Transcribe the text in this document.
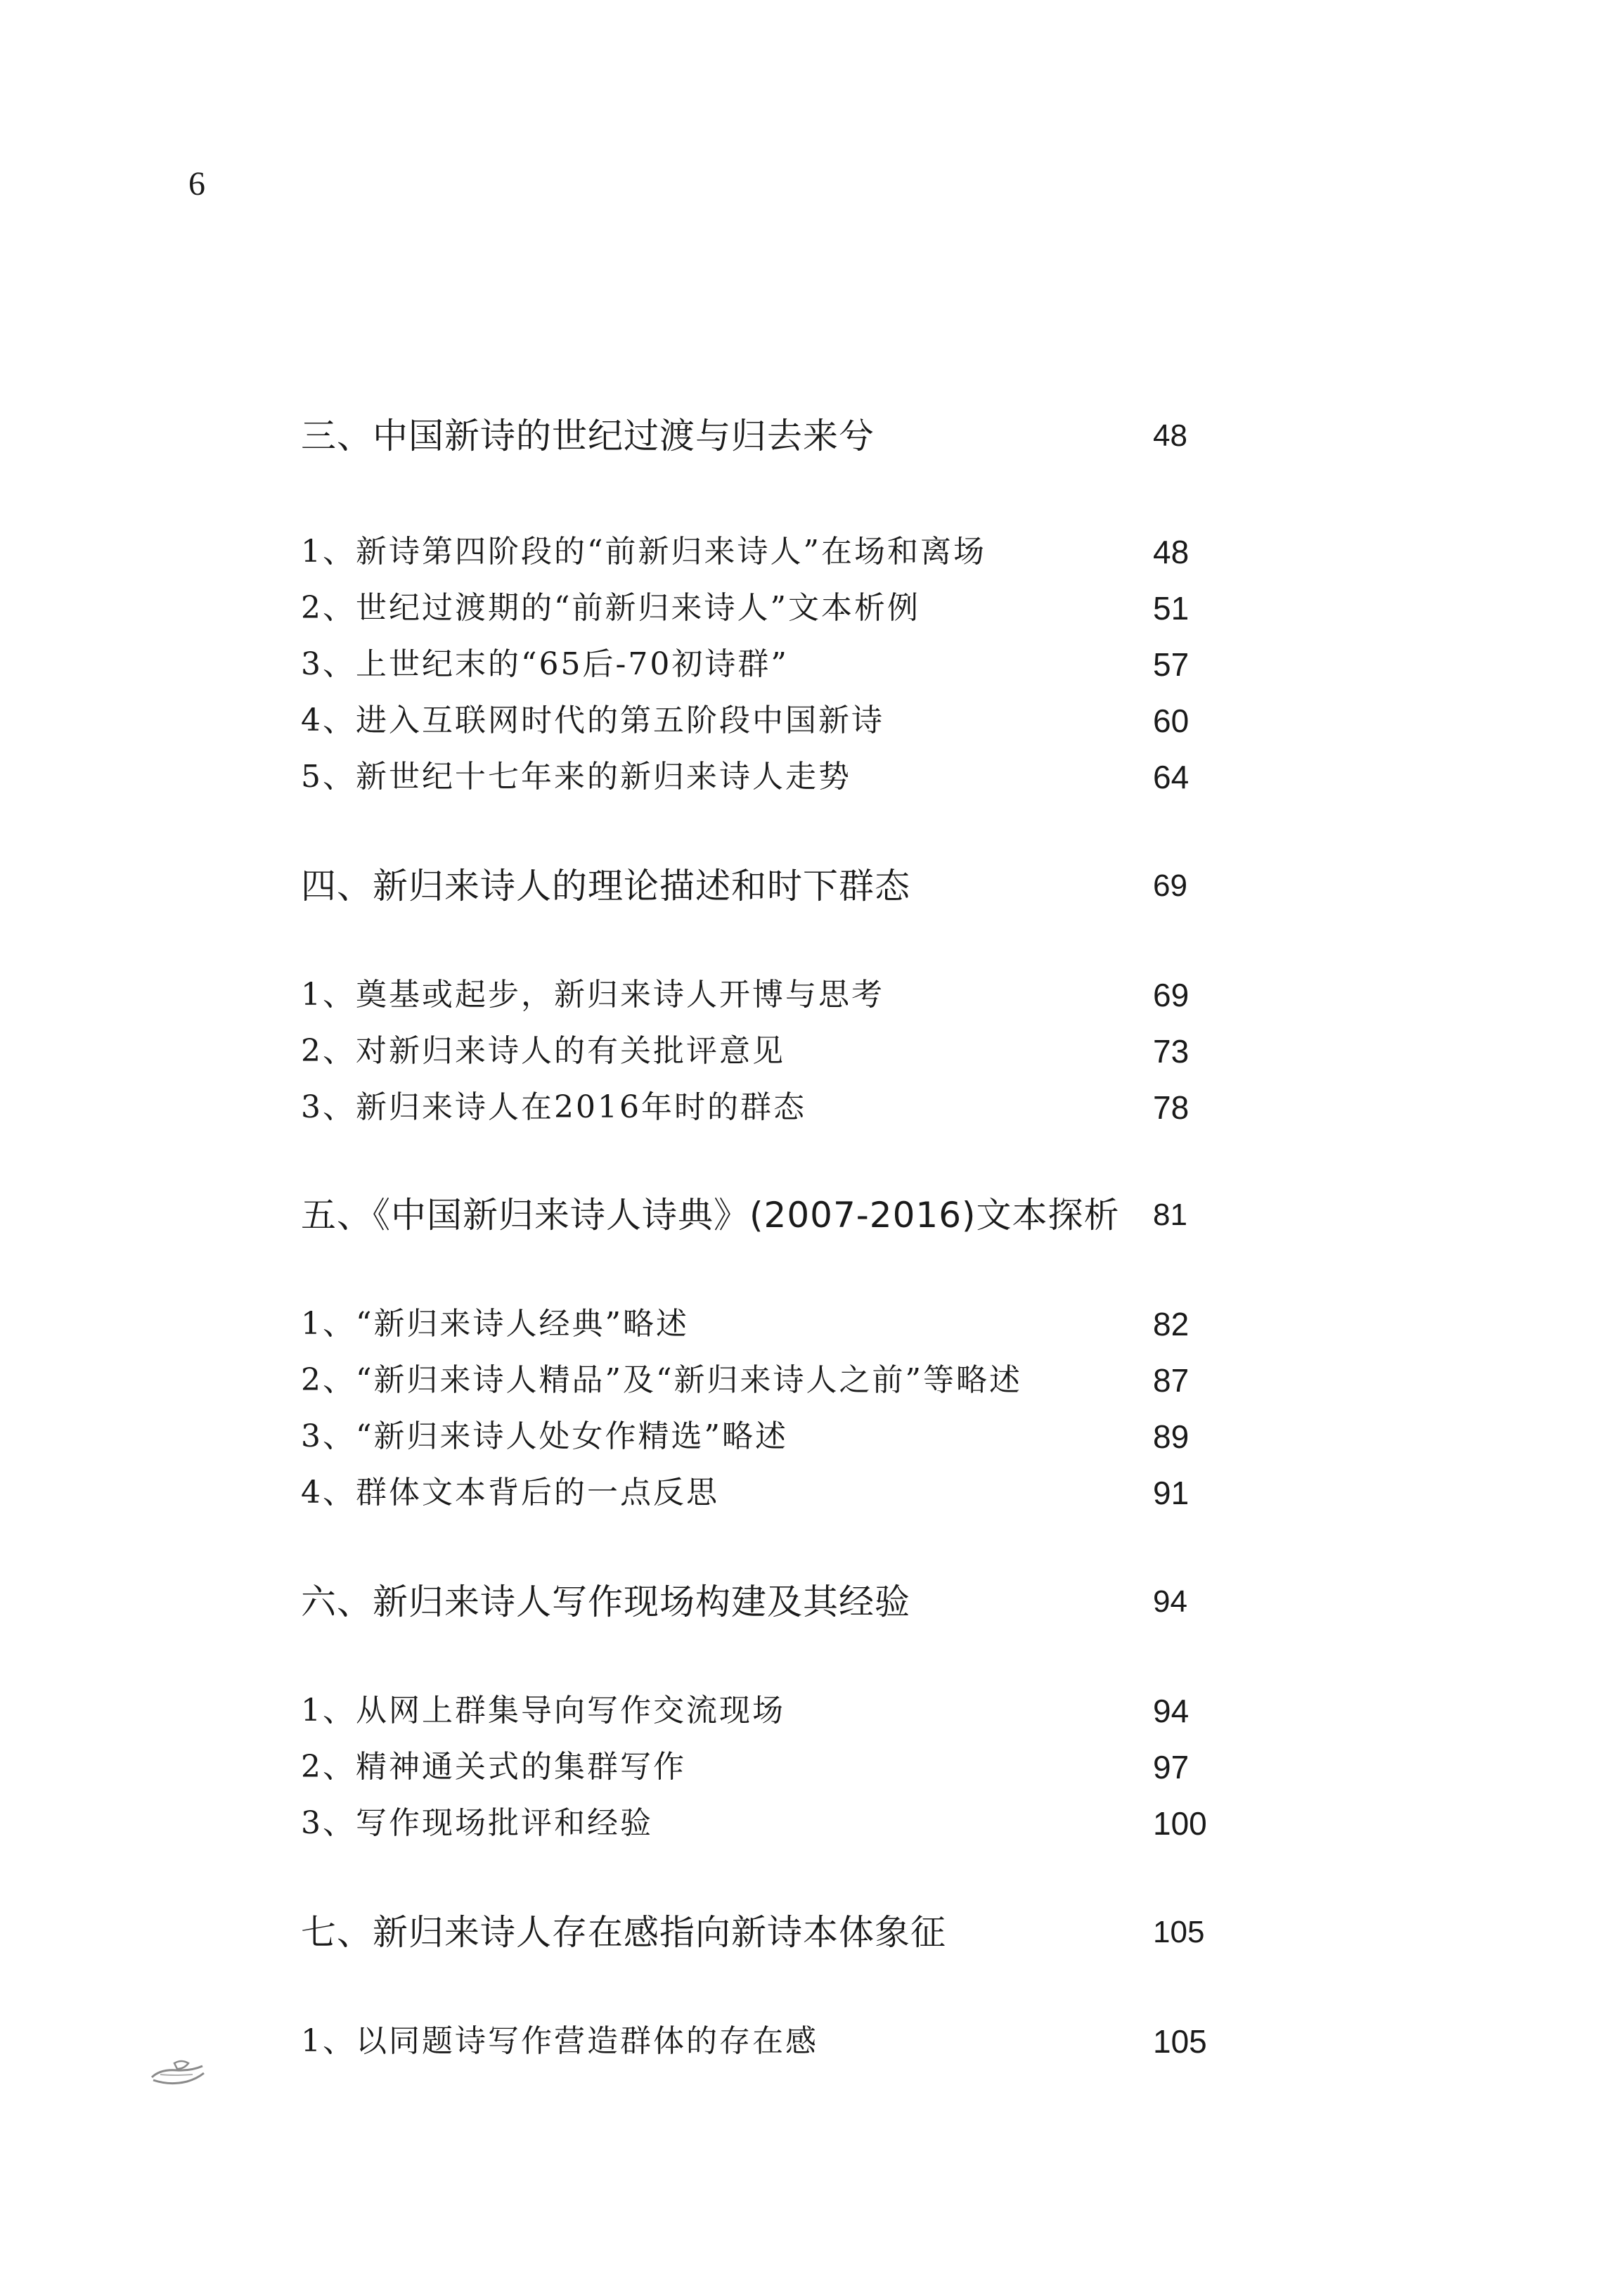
6
三、中国新诗的世纪过渡与归去来兮	48
1、新诗第四阶段的“前新归来诗人”在场和离场	48
2、世纪过渡期的“前新归来诗人”文本析例	51
3、上世纪末的“65后-70初诗群”	57
4、进入互联网时代的第五阶段中国新诗	60
5、新世纪十七年来的新归来诗人走势	64
四、新归来诗人的理论描述和时下群态	69
1、奠基或起步，新归来诗人开博与思考	69
2、对新归来诗人的有关批评意见	73
3、新归来诗人在2016年时的群态	78
五、《中国新归来诗人诗典》(2007-2016)文本探析 81
1、“新归来诗人经典”略述	82
2、“新归来诗人精品”及“新归来诗人之前”等略述	87
3、“新归来诗人处女作精选”略述	89
4、群体文本背后的一点反思	91
六、新归来诗人写作现场构建及其经验	94
1、从网上群集导向写作交流现场	94
2、精神通关式的集群写作	97
3、写作现场批评和经验	100
七、新归来诗人存在感指向新诗本体象征	105
1、以同题诗写作营造群体的存在感	105
